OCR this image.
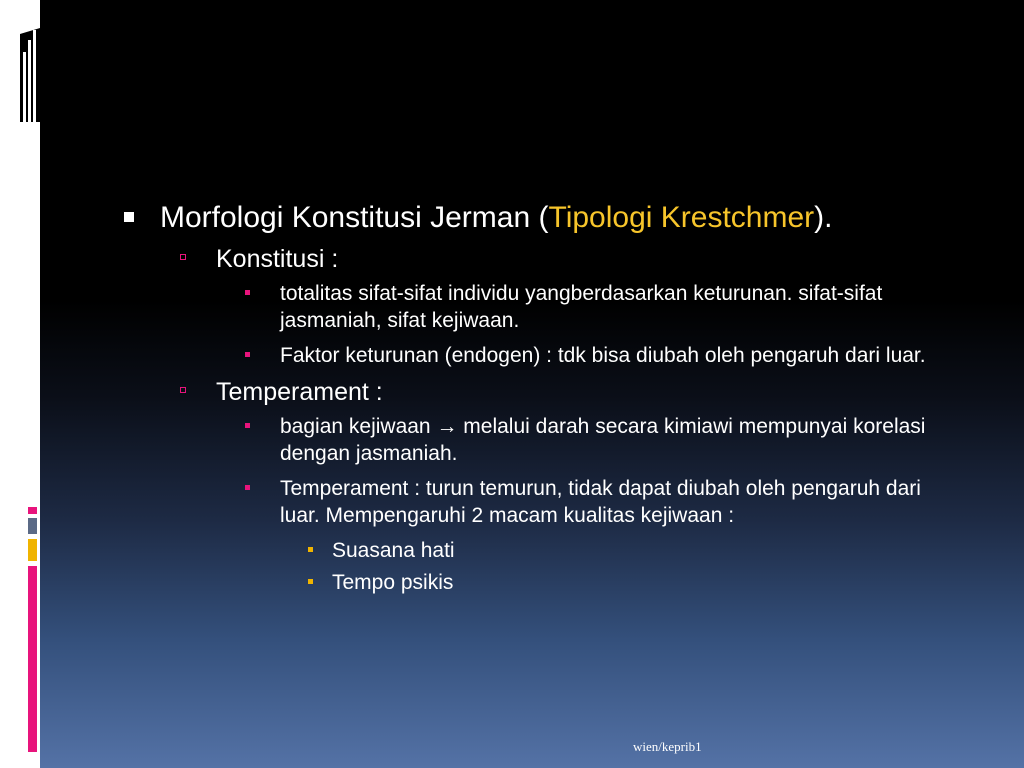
Morfologi Konstitusi Jerman (Tipologi Krestchmer).
Konstitusi :
totalitas sifat-sifat individu yangberdasarkan keturunan. sifat-sifat jasmaniah, sifat kejiwaan.
Faktor keturunan (endogen) : tdk bisa diubah oleh pengaruh dari luar.
Temperament :
bagian kejiwaan → melalui darah secara kimiawi mempunyai korelasi dengan jasmaniah.
Temperament : turun temurun, tidak dapat diubah oleh pengaruh dari luar. Mempengaruhi 2 macam kualitas kejiwaan :
Suasana hati
Tempo psikis
wien/keprib1
